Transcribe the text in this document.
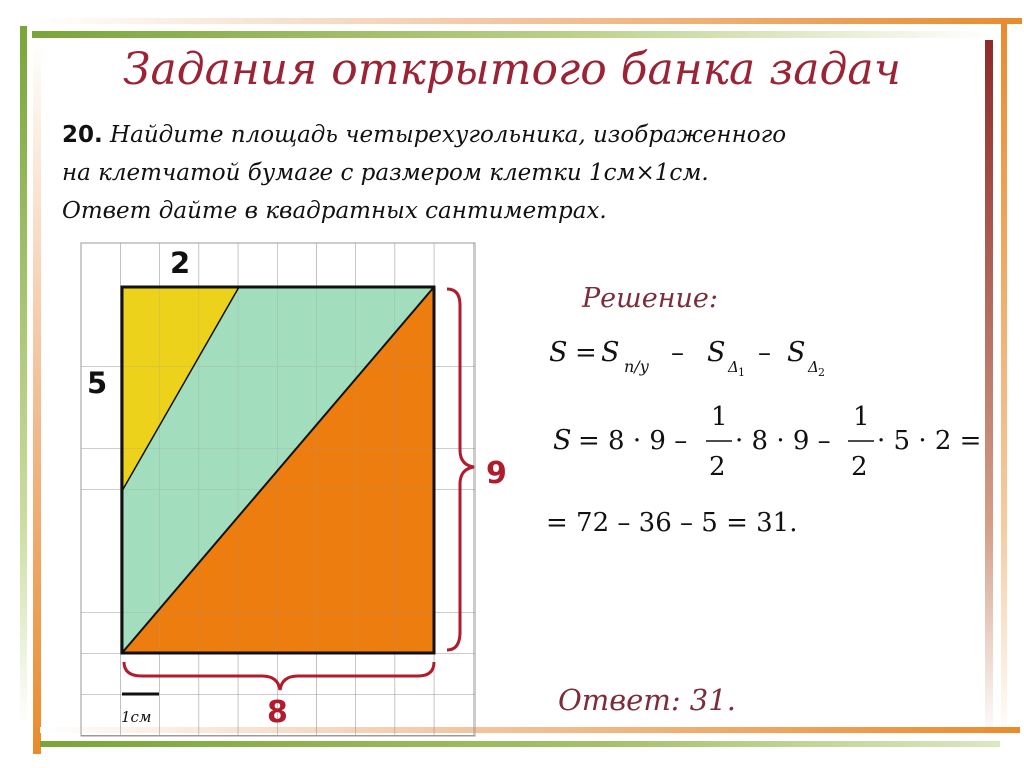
Задания открытого банка задач
20. Найдите площадь четырехугольника, изображенного
на клетчатой бумаге с размером клетки 1см×1см.
Ответ дайте в квадратных сантиметрах.
2
5
9
8
1см
Решение:
S = S п/у – S Δ 1
– S Δ 2
S = 8 · 9 –
1
2
· 8 · 9 –
1
2
· 5 · 2 =
= 72 – 36 – 5 = 31.
Ответ: 31.
